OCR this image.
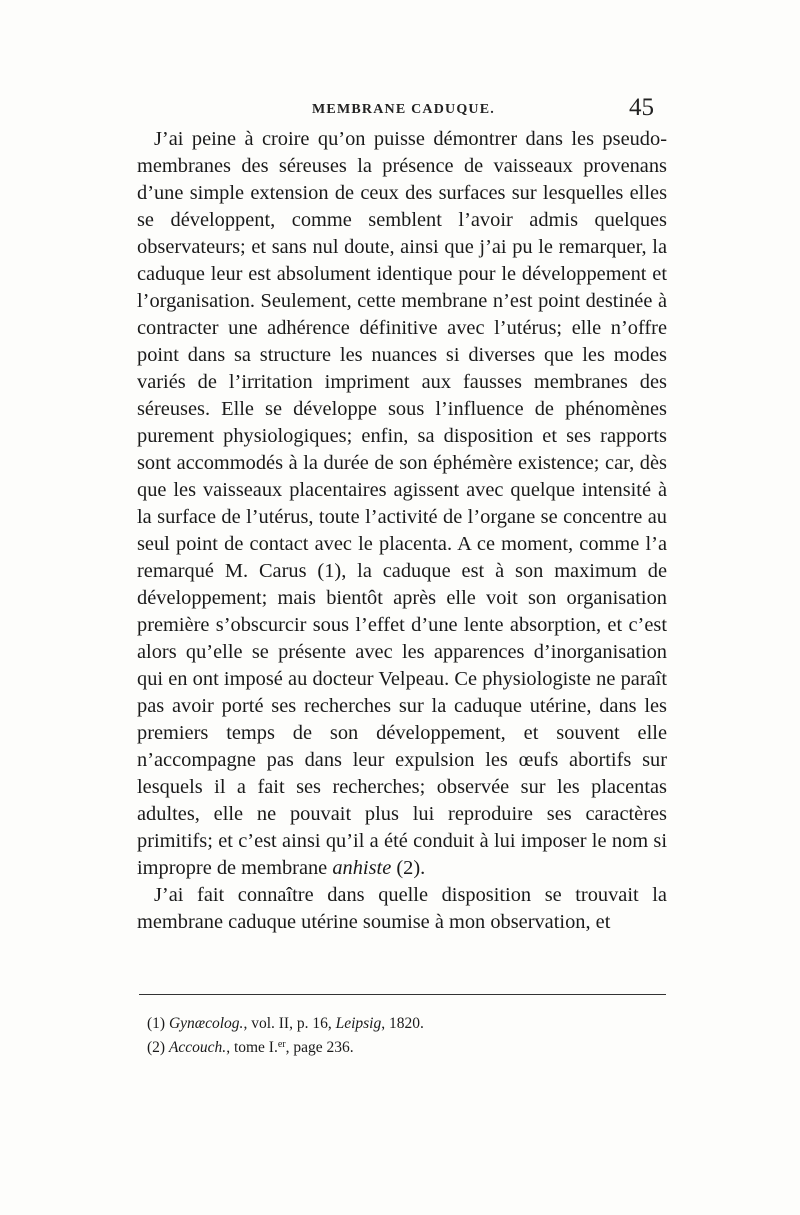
MEMBRANE CADUQUE.	45

J’ai peine à croire qu’on puisse démontrer dans les pseudo-membranes des séreuses la présence de vaisseaux provenans d’une simple extension de ceux des surfaces sur lesquelles elles se développent, comme semblent l’avoir admis quelques observateurs; et sans nul doute, ainsi que j’ai pu le remarquer, la caduque leur est absolument identique pour le développement et l’organisation. Seulement, cette membrane n’est point destinée à contracter une adhérence définitive avec l’utérus; elle n’offre point dans sa structure les nuances si diverses que les modes variés de l’irritation impriment aux fausses membranes des séreuses. Elle se développe sous l’influence de phénomènes purement physiologiques; enfin, sa disposition et ses rapports sont accommodés à la durée de son éphémère existence; car, dès que les vaisseaux placentaires agissent avec quelque intensité à la surface de l’utérus, toute l’activité de l’organe se concentre au seul point de contact avec le placenta. A ce moment, comme l’a remarqué M. Carus (1), la caduque est à son maximum de développement; mais bientôt après elle voit son organisation première s’obscurcir sous l’effet d’une lente absorption, et c’est alors qu’elle se présente avec les apparences d’inorganisation qui en ont imposé au docteur Velpeau. Ce physiologiste ne paraît pas avoir porté ses recherches sur la caduque utérine, dans les premiers temps de son développement, et souvent elle n’accompagne pas dans leur expulsion les œufs abortifs sur lesquels il a fait ses recherches; observée sur les placentas adultes, elle ne pouvait plus lui reproduire ses caractères primitifs; et c’est ainsi qu’il a été conduit à lui imposer le nom si impropre de membrane anhiste (2).

J’ai fait connaître dans quelle disposition se trouvait la membrane caduque utérine soumise à mon observation, et

(1) Gynæcolog., vol. II, p. 16, Leipsig, 1820.
(2) Accouch., tome I.$^{er}$, page 236.
